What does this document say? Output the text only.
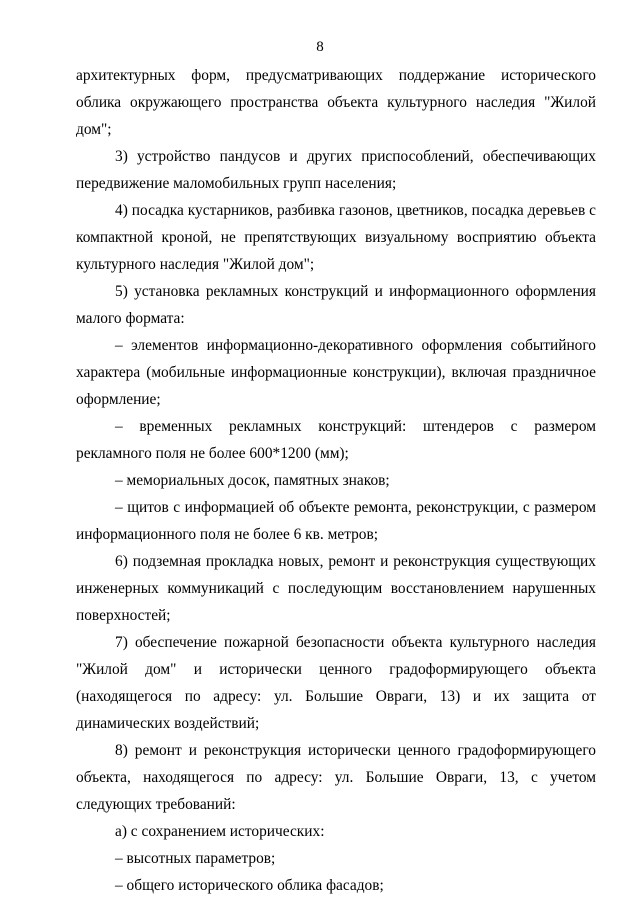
8

архитектурных форм, предусматривающих поддержание исторического облика окружающего пространства объекта культурного наследия "Жилой дом";

3) устройство пандусов и других приспособлений, обеспечивающих передвижение маломобильных групп населения;

4) посадка кустарников, разбивка газонов, цветников, посадка деревьев с компактной кроной, не препятствующих визуальному восприятию объекта культурного наследия "Жилой дом";

5) установка рекламных конструкций и информационного оформления малого формата:

– элементов информационно-декоративного оформления событийного характера (мобильные информационные конструкции), включая праздничное оформление;

– временных рекламных конструкций: штендеров с размером рекламного поля не более 600*1200 (мм);

– мемориальных досок, памятных знаков;

– щитов с информацией об объекте ремонта, реконструкции, с размером информационного поля не более 6 кв. метров;

6) подземная прокладка новых, ремонт и реконструкция существующих инженерных коммуникаций с последующим восстановлением нарушенных поверхностей;

7) обеспечение пожарной безопасности объекта культурного наследия "Жилой дом" и исторически ценного градоформирующего объекта (находящегося по адресу: ул. Большие Овраги, 13) и их защита от динамических воздействий;

8) ремонт и реконструкция исторически ценного градоформирующего объекта, находящегося по адресу: ул. Большие Овраги, 13, с учетом следующих требований:

а) с сохранением исторических:

– высотных параметров;

– общего исторического облика фасадов;
